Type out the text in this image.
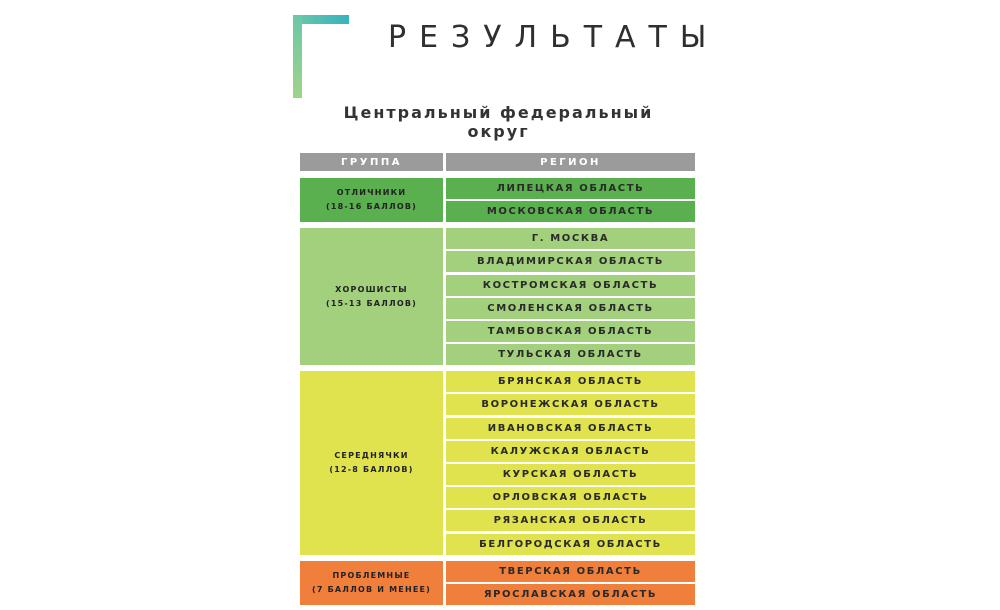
РЕЗУЛЬТАТЫ
Центральный федеральный
округ
ГРУППА	РЕГИОН
ОТЛИЧНИКИ
(18-16 БАЛЛОВ)
ЛИПЕЦКАЯ ОБЛАСТЬ
МОСКОВСКАЯ ОБЛАСТЬ
ХОРОШИСТЫ
(15-13 БАЛЛОВ)
Г. МОСКВА
ВЛАДИМИРСКАЯ ОБЛАСТЬ
КОСТРОМСКАЯ ОБЛАСТЬ
СМОЛЕНСКАЯ ОБЛАСТЬ
ТАМБОВСКАЯ ОБЛАСТЬ
ТУЛЬСКАЯ ОБЛАСТЬ
СЕРЕДНЯЧКИ
(12-8 БАЛЛОВ)
БРЯНСКАЯ ОБЛАСТЬ
ВОРОНЕЖСКАЯ ОБЛАСТЬ
ИВАНОВСКАЯ ОБЛАСТЬ
КАЛУЖСКАЯ ОБЛАСТЬ
КУРСКАЯ ОБЛАСТЬ
ОРЛОВСКАЯ ОБЛАСТЬ
РЯЗАНСКАЯ ОБЛАСТЬ
БЕЛГОРОДСКАЯ ОБЛАСТЬ
ПРОБЛЕМНЫЕ
(7 БАЛЛОВ И МЕНЕЕ)
ТВЕРСКАЯ ОБЛАСТЬ
ЯРОСЛАВСКАЯ ОБЛАСТЬ
